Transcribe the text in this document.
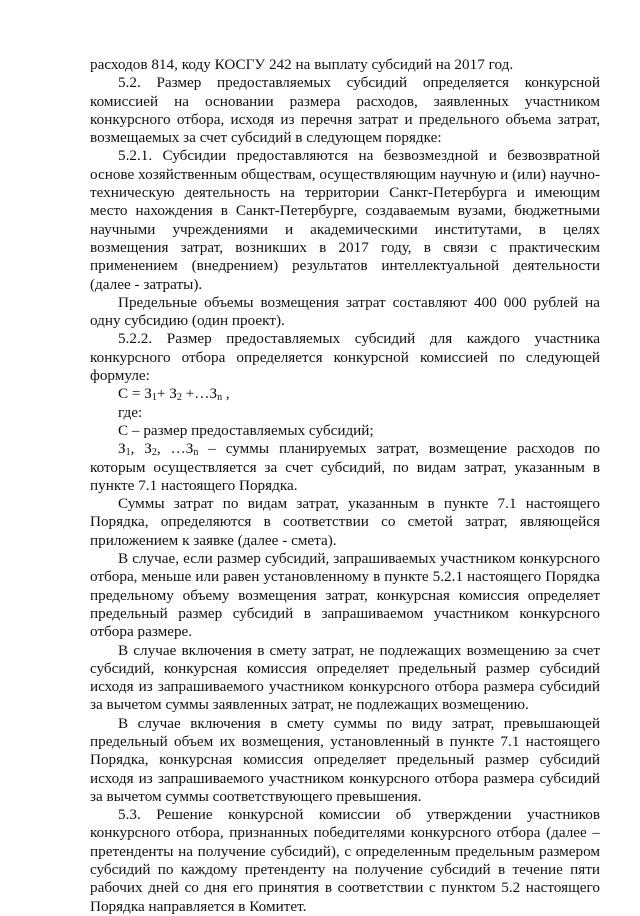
расходов 814, коду КОСГУ 242 на выплату субсидий на 2017 год.

5.2. Размер предоставляемых субсидий определяется конкурсной комиссией на основании размера расходов, заявленных участником конкурсного отбора, исходя из перечня затрат и предельного объема затрат, возмещаемых за счет субсидий в следующем порядке:

5.2.1. Субсидии предоставляются на безвозмездной и безвозвратной основе хозяйственным обществам, осуществляющим научную и (или) научно-техническую деятельность на территории Санкт-Петербурга и имеющим место нахождения в Санкт-Петербурге, создаваемым вузами, бюджетными научными учреждениями и академическими институтами, в целях возмещения затрат, возникших в 2017 году, в связи с практическим применением (внедрением) результатов интеллектуальной деятельности (далее - затраты).

Предельные объемы возмещения затрат составляют 400 000 рублей на одну субсидию (один проект).

5.2.2. Размер предоставляемых субсидий для каждого участника конкурсного отбора определяется конкурсной комиссией по следующей формуле:

$С = З_1+ З_2$ $+\dots З_n$ ,

где:

С – размер предоставляемых субсидий;

$З_1$, $З_2$, $\dots З_n$ – суммы планируемых затрат, возмещение расходов по которым осуществляется за счет субсидий, по видам затрат, указанным в пункте 7.1 настоящего Порядка.

Суммы затрат по видам затрат, указанным в пункте 7.1 настоящего Порядка, определяются в соответствии со сметой затрат, являющейся приложением к заявке (далее - смета).

В случае, если размер субсидий, запрашиваемых участником конкурсного отбора, меньше или равен установленному в пункте 5.2.1 настоящего Порядка предельному объему возмещения затрат, конкурсная комиссия определяет предельный размер субсидий в запрашиваемом участником конкурсного отбора размере.

В случае включения в смету затрат, не подлежащих возмещению за счет субсидий, конкурсная комиссия определяет предельный размер субсидий исходя из запрашиваемого участником конкурсного отбора размера субсидий за вычетом суммы заявленных затрат, не подлежащих возмещению.

В случае включения в смету суммы по виду затрат, превышающей предельный объем их возмещения, установленный в пункте 7.1 настоящего Порядка, конкурсная комиссия определяет предельный размер субсидий исходя из запрашиваемого участником конкурсного отбора размера субсидий за вычетом суммы соответствующего превышения.

5.3. Решение конкурсной комиссии об утверждении участников конкурсного отбора, признанных победителями конкурсного отбора (далее – претенденты на получение субсидий), с определенным предельным размером субсидий по каждому претенденту на получение субсидий в течение пяти рабочих дней со дня его принятия в соответствии с пунктом 5.2 настоящего Порядка направляется в Комитет.
